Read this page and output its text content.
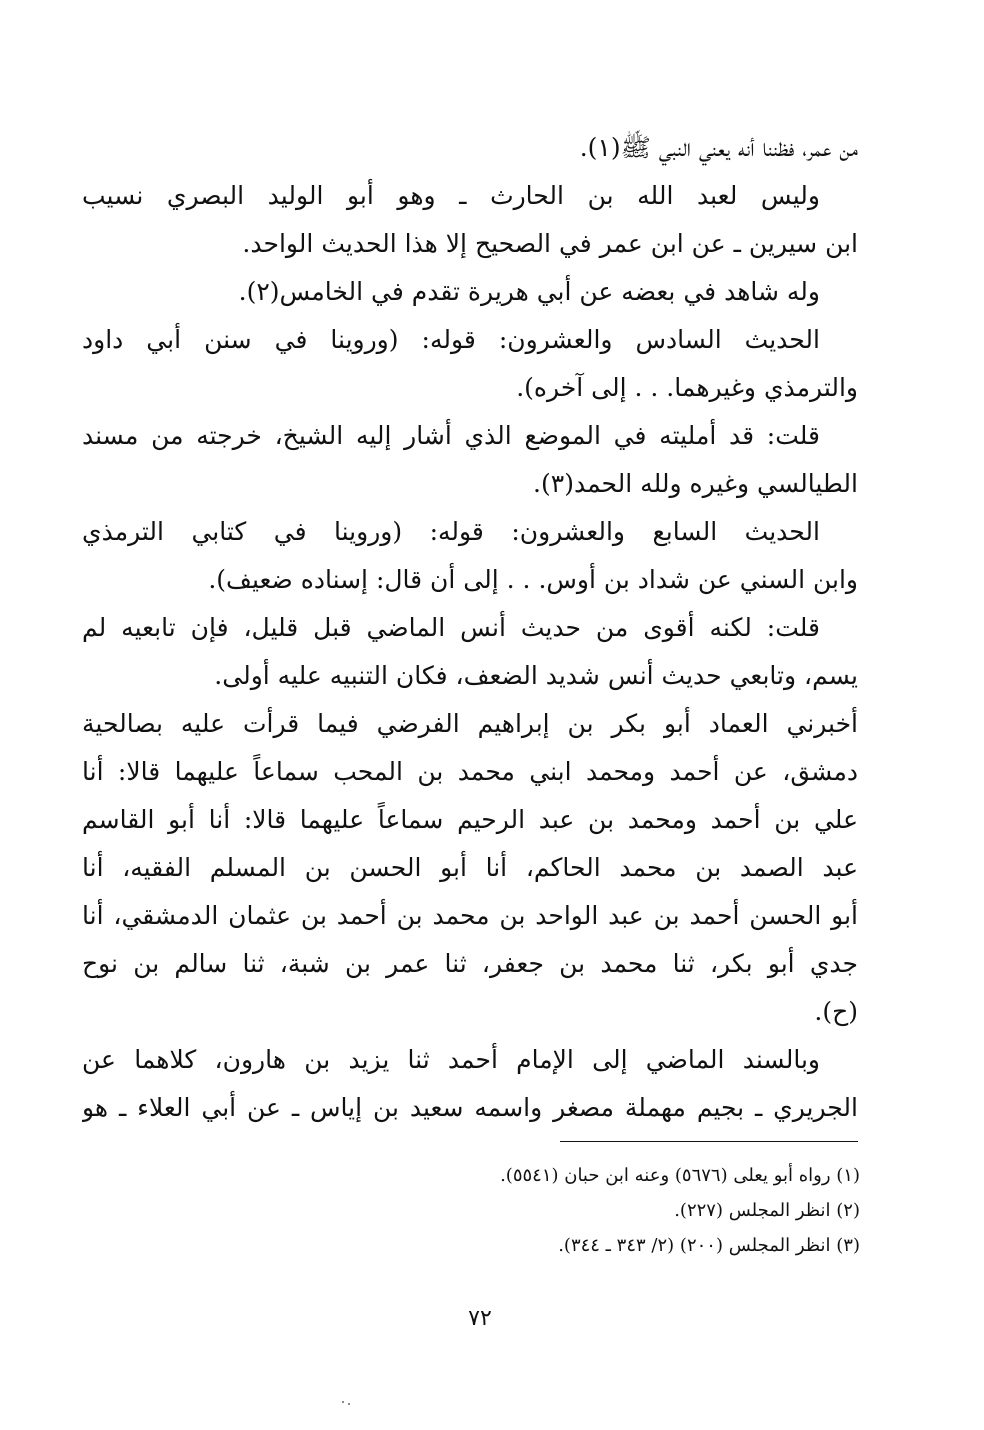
من عمر، فظننا أنه يعني النبي ﷺ(١).
وليس لعبد الله بن الحارث ـ وهو أبو الوليد البصري نسيب
ابن سيرين ـ عن ابن عمر في الصحيح إلا هذا الحديث الواحد.
وله شاهد في بعضه عن أبي هريرة تقدم في الخامس(٢).
الحديث السادس والعشرون: قوله: (وروينا في سنن أبي داود
والترمذي وغيرهما. . . إلى آخره).
قلت: قد أمليته في الموضع الذي أشار إليه الشيخ، خرجته من مسند
الطيالسي وغيره ولله الحمد(٣).
الحديث السابع والعشرون: قوله: (وروينا في كتابي الترمذي
وابن السني عن شداد بن أوس. . . إلى أن قال: إسناده ضعيف).
قلت: لكنه أقوى من حديث أنس الماضي قبل قليل، فإن تابعيه لم
يسم، وتابعي حديث أنس شديد الضعف، فكان التنبيه عليه أولى.
أخبرني العماد أبو بكر بن إبراهيم الفرضي فيما قرأت عليه بصالحية
دمشق، عن أحمد ومحمد ابني محمد بن المحب سماعاً عليهما قالا: أنا
علي بن أحمد ومحمد بن عبد الرحيم سماعاً عليهما قالا: أنا أبو القاسم
عبد الصمد بن محمد الحاكم، أنا أبو الحسن بن المسلم الفقيه، أنا
أبو الحسن أحمد بن عبد الواحد بن محمد بن أحمد بن عثمان الدمشقي، أنا
جدي أبو بكر، ثنا محمد بن جعفر، ثنا عمر بن شبة، ثنا سالم بن نوح
(ح).
وبالسند الماضي إلى الإمام أحمد ثنا يزيد بن هارون، كلاهما عن
الجريري ـ بجيم مهملة مصغر واسمه سعيد بن إياس ـ عن أبي العلاء ـ هو
(١) رواه أبو يعلى (٥٦٧٦) وعنه ابن حبان (٥٥٤١).
(٢) انظر المجلس (٢٢٧).
(٣) انظر المجلس (٢٠٠) (٢/ ٣٤٣ ـ ٣٤٤).
٧٢
